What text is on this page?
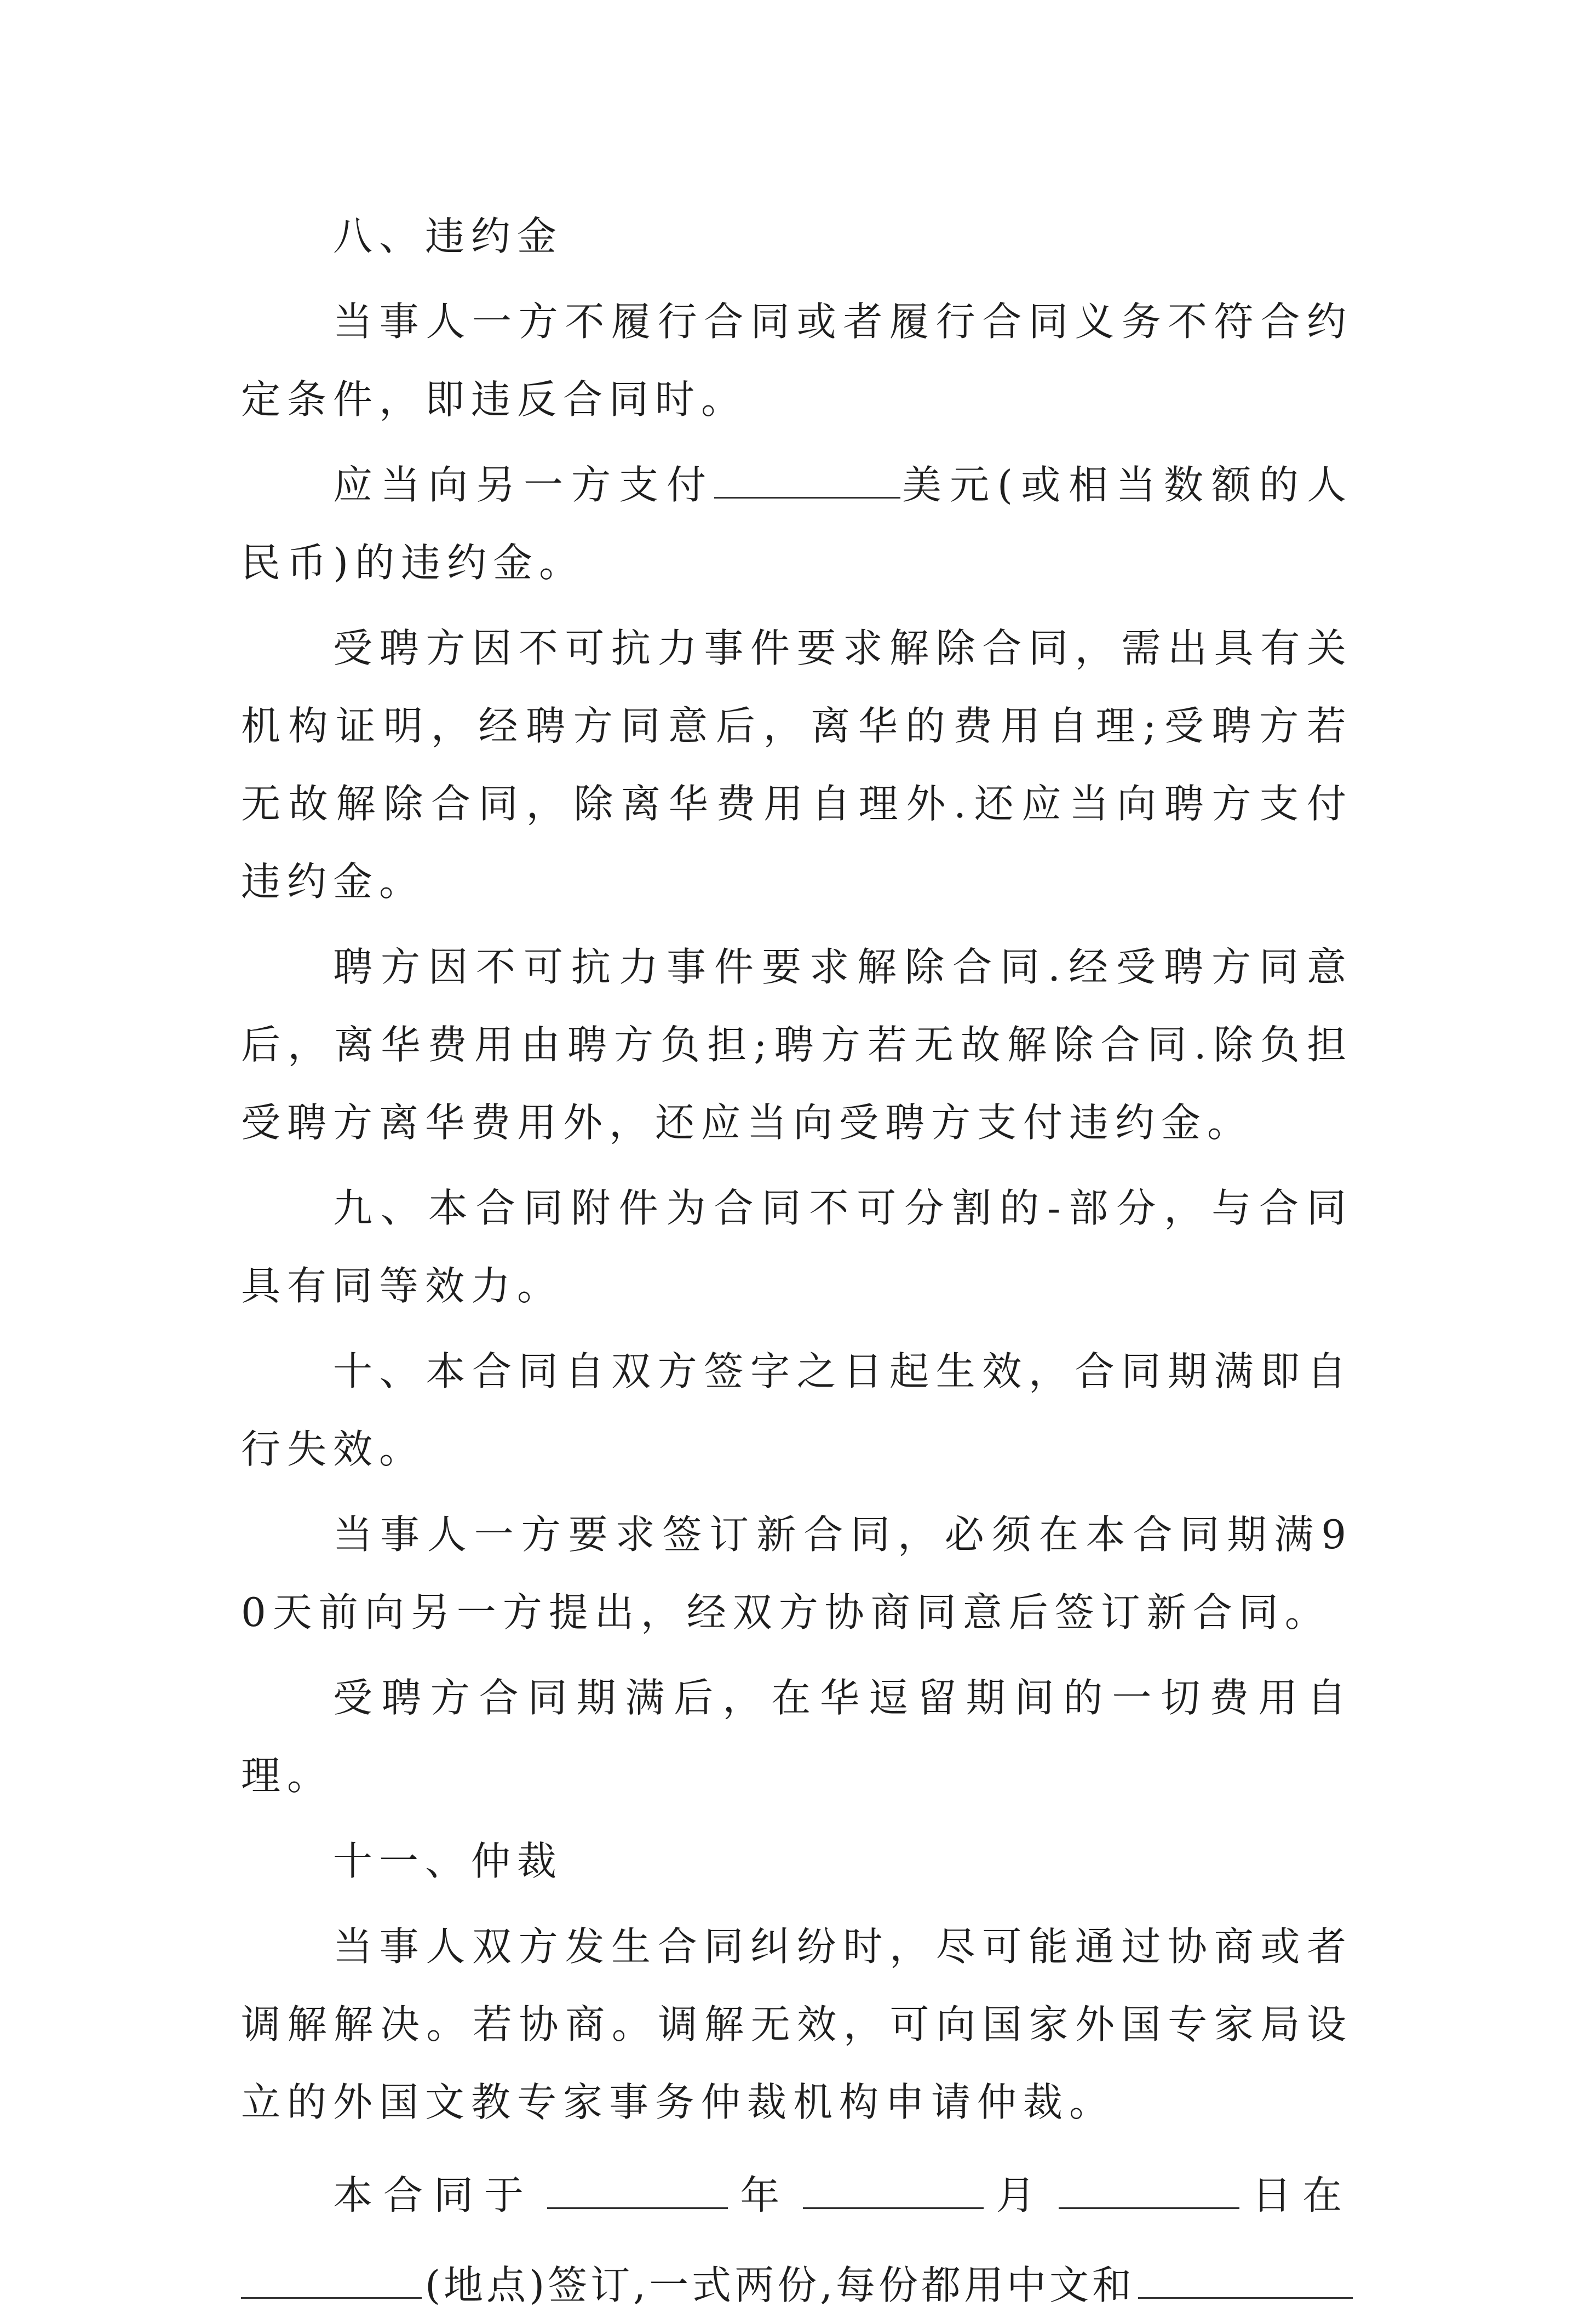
八、违约金

当事人一方不履行合同或者履行合同义务不符合约定条件，即违反合同时。

应当向另一方支付	美元(或相当数额的人民币)的违约金。

受聘方因不可抗力事件要求解除合同，需出具有关机构证明，经聘方同意后，离华的费用自理;受聘方若无故解除合同，除离华费用自理外.还应当向聘方支付违约金。

聘方因不可抗力事件要求解除合同.经受聘方同意后，离华费用由聘方负担;聘方若无故解除合同.除负担受聘方离华费用外，还应当向受聘方支付违约金。

九、本合同附件为合同不可分割的-部分，与合同具有同等效力。

十、本合同自双方签字之日起生效，合同期满即自行失效。

当事人一方要求签订新合同，必须在本合同期满90天前向另一方提出，经双方协商同意后签订新合同。

受聘方合同期满后，在华逗留期间的一切费用自理。

十一、仲裁

当事人双方发生合同纠纷时，尽可能通过协商或者调解解决。若协商。调解无效，可向国家外国专家局设立的外国文教专家事务仲裁机构申请仲裁。

本合同于	年	月	日在
(地点)签订,一式两份,每份都用中文和
